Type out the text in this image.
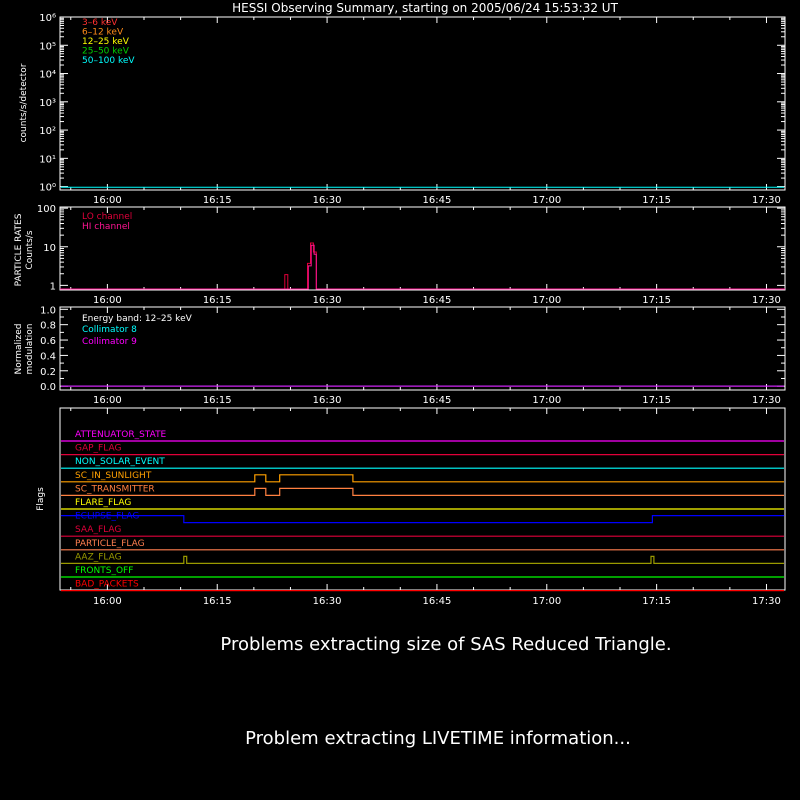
HESSI Observing Summary, starting on 2005/06/24 15:53:32 UT
counts/s/detector
10⁰
10¹
10²
10³
10⁴
10⁵
10⁶
16:00	16:15	16:30	16:45	17:00	17:15	17:30
3–6 keV
6–12 keV
12–25 keV
25–50 keV
50–100 keV
PARTICLE RATES Counts/s
1
10
100
16:00	16:15	16:30	16:45	17:00	17:15	17:30
LO channel
HI channel
Normalized modulation
Energy band: 12–25 keV
0.0
0.2
0.4
0.6
0.8
1.0
16:00	16:15	16:30	16:45	17:00	17:15	17:30
Collimator 8
Collimator 9
Flags
16:00	16:15	16:30	16:45	17:00	17:15	17:30
ATTENUATOR_STATE
GAP_FLAG
NON_SOLAR_EVENT
SC_IN_SUNLIGHT
SC_TRANSMITTER
FLARE_FLAG
ECLIPSE_FLAG
SAA_FLAG
PARTICLE_FLAG
AAZ_FLAG
FRONTS_OFF
BAD_PACKETS
Problems extracting size of SAS Reduced Triangle.
Problem extracting LIVETIME information...
